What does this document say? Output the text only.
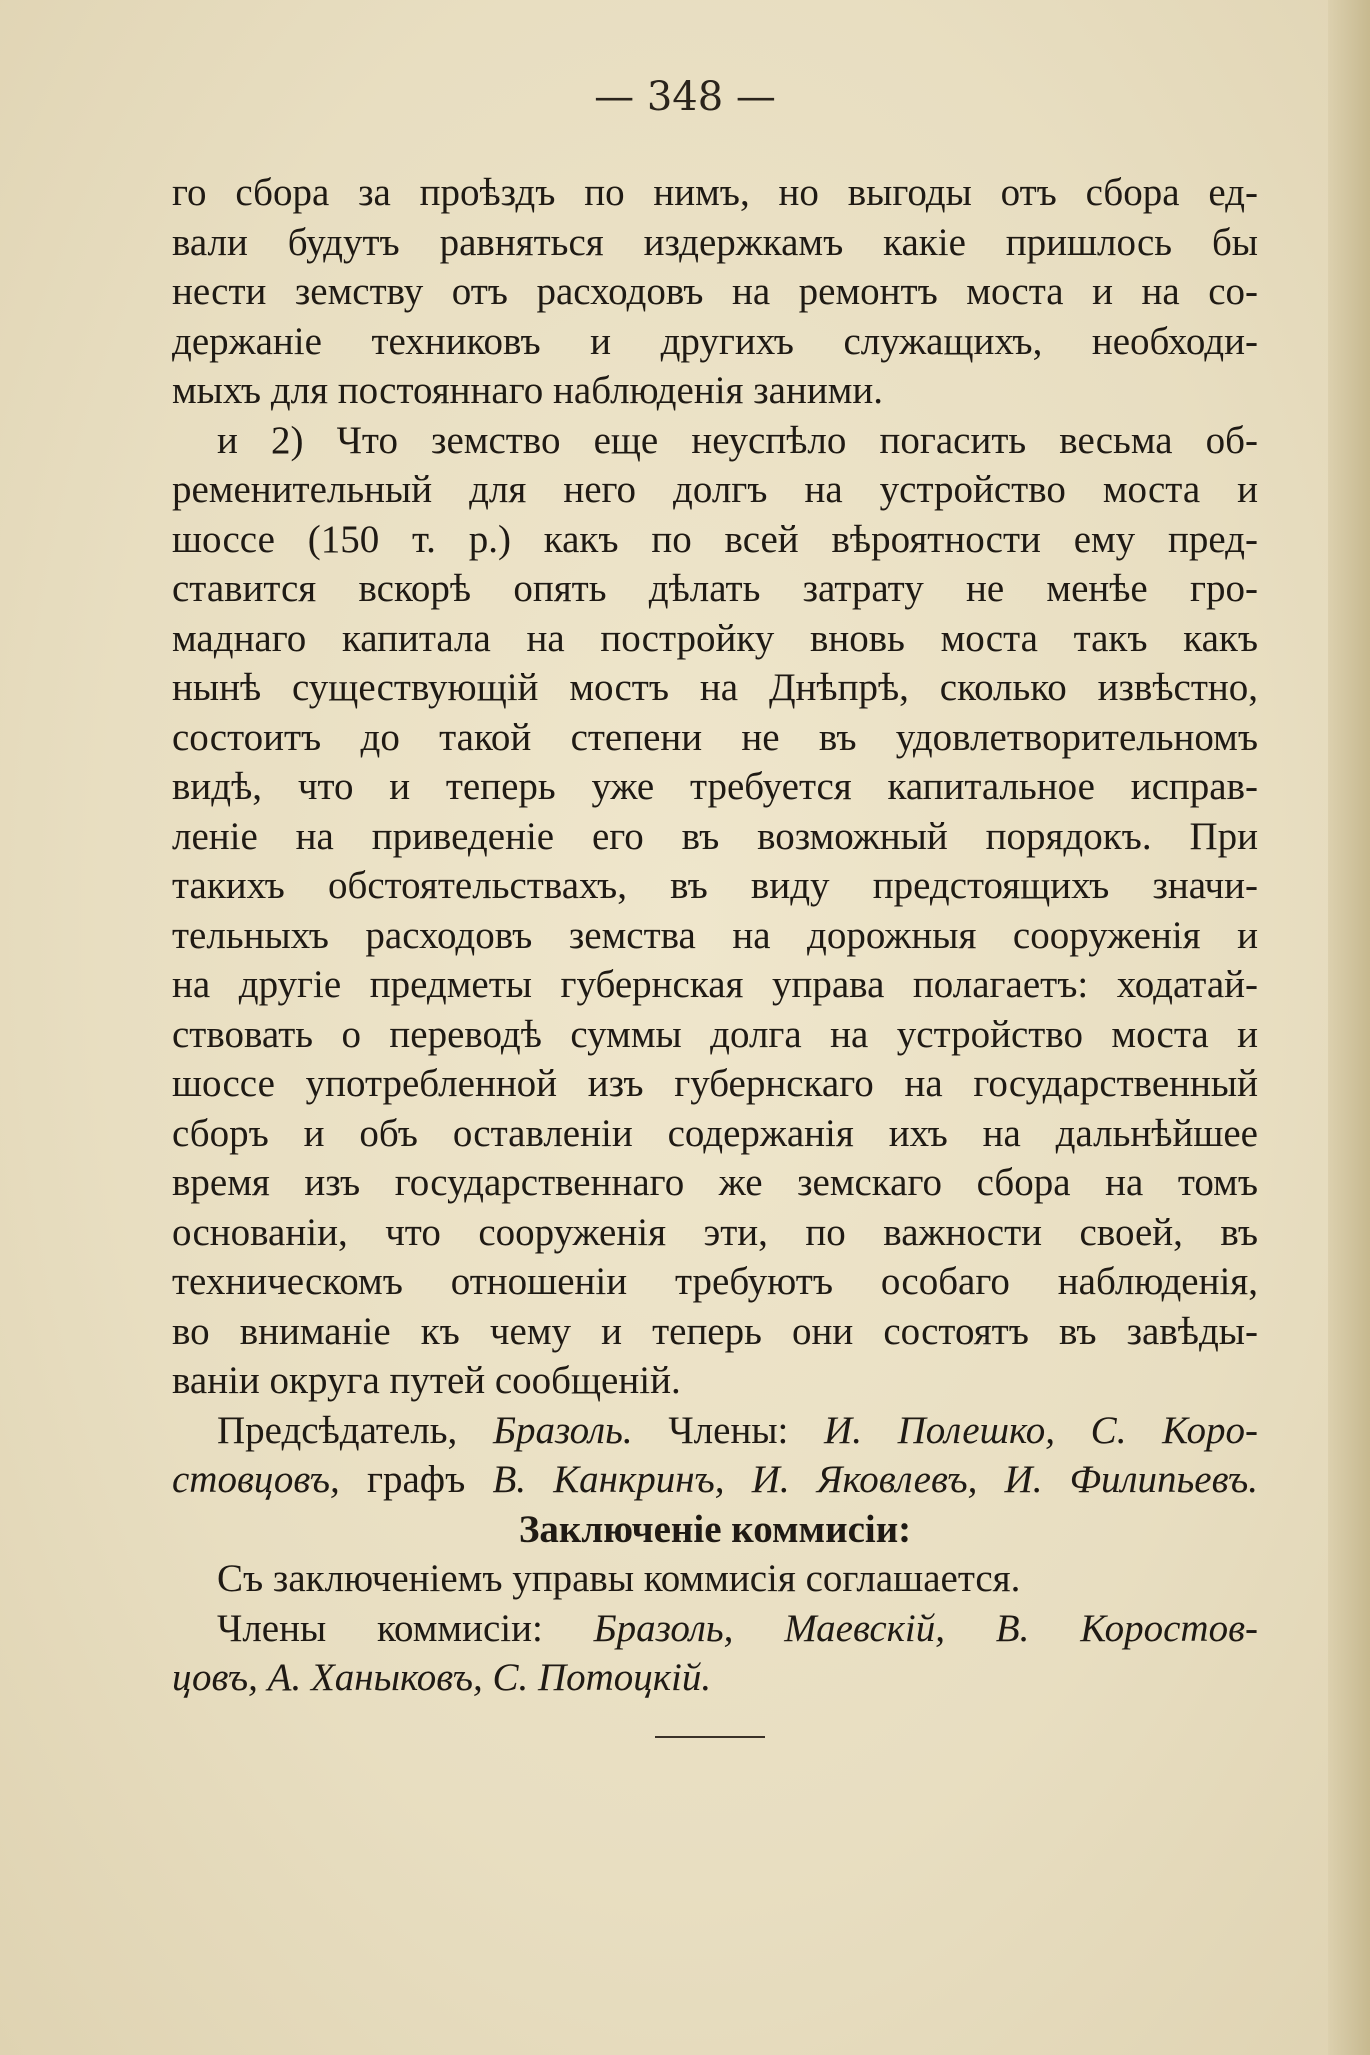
— 348 —
го сбора за проѣздъ по нимъ, но выгоды отъ сбора ед-
вали будутъ равняться издержкамъ какіе пришлось бы
нести земству отъ расходовъ на ремонтъ моста и на со-
держаніе техниковъ и другихъ служащихъ, необходи-
мыхъ для постояннаго наблюденія заними.
и 2) Что земство еще неуспѣло погасить весьма об-
ременительный для него долгъ на устройство моста и
шоссе (150 т. р.) какъ по всей вѣроятности ему пред-
ставится вскорѣ опять дѣлать затрату не менѣе гро-
маднаго капитала на постройку вновь моста такъ какъ
нынѣ существующій мостъ на Днѣпрѣ, сколько извѣстно,
состоитъ до такой степени не въ удовлетворительномъ
видѣ, что и теперь уже требуется капитальное исправ-
леніе на приведеніе его въ возможный порядокъ. При
такихъ обстоятельствахъ, въ виду предстоящихъ значи-
тельныхъ расходовъ земства на дорожныя сооруженія и
на другіе предметы губернская управа полагаетъ: ходатай-
ствовать о переводѣ суммы долга на устройство моста и
шоссе употребленной изъ губернскаго на государственный
сборъ и объ оставленіи содержанія ихъ на дальнѣйшее
время изъ государственнаго же земскаго сбора на томъ
основаніи, что сооруженія эти, по важности своей, въ
техническомъ отношеніи требуютъ особаго наблюденія,
во вниманіе къ чему и теперь они состоятъ въ завѣды-
ваніи округа путей сообщеній.
Предсѣдатель, Бразоль. Члены: И. Полешко, С. Коро-
стовцовъ, графъ В. Канкринъ, И. Яковлевъ, И. Филипьевъ.
Заключеніе коммисіи:
Съ заключеніемъ управы коммисія соглашается.
Члены коммисіи: Бразоль, Маевскій, В. Коростов-
цовъ, А. Ханыковъ, С. Потоцкій.
